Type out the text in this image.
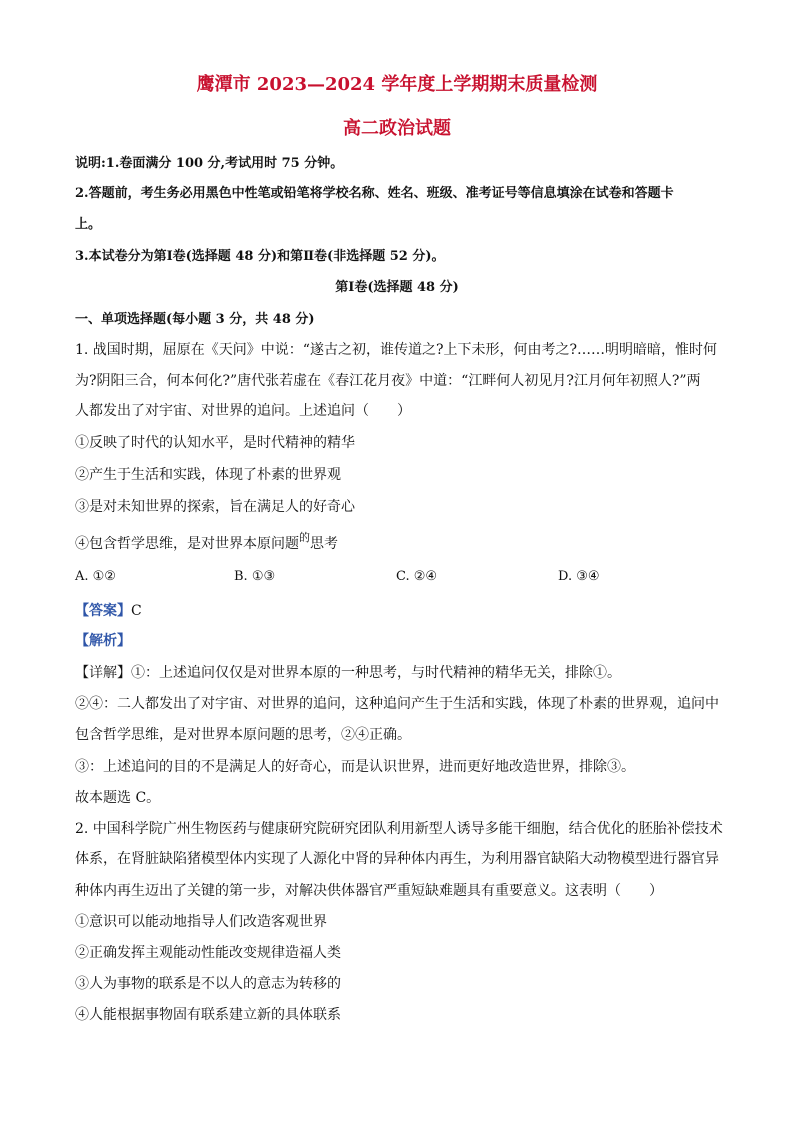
鹰潭市 2023—2024 学年度上学期期末质量检测
高二政治试题
说明:1.卷面满分 100 分,考试用时 75 分钟。
2.答题前，考生务必用黑色中性笔或铅笔将学校名称、姓名、班级、准考证号等信息填涂在试卷和答题卡
上。
3.本试卷分为第Ⅰ卷(选择题 48 分)和第Ⅱ卷(非选择题 52 分)。
第Ⅰ卷(选择题 48 分)
一、单项选择题(每小题 3 分，共 48 分)
1. 战国时期，屈原在《天问》中说：“遂古之初，谁传道之?上下未形，何由考之?……明明暗暗，惟时何
为?阴阳三合，何本何化?”唐代张若虚在《春江花月夜》中道：“江畔何人初见月?江月何年初照人?”两
人都发出了对宇宙、对世界的追问。上述追问（　　）
①反映了时代的认知水平，是时代精神的精华
②产生于生活和实践，体现了朴素的世界观
③是对未知世界的探索，旨在满足人的好奇心
④包含哲学思维，是对世界本原问题$^的$思考
A. ①②	B. ①③	C. ②④	D. ③④
【答案】C
【解析】
【详解】①：上述追问仅仅是对世界本原的一种思考，与时代精神的精华无关，排除①。
②④：二人都发出了对宇宙、对世界的追问，这种追问产生于生活和实践，体现了朴素的世界观，追问中
包含哲学思维，是对世界本原问题的思考，②④正确。
③：上述追问的目的不是满足人的好奇心，而是认识世界，进而更好地改造世界，排除③。
故本题选 C。
2. 中国科学院广州生物医药与健康研究院研究团队利用新型人诱导多能干细胞，结合优化的胚胎补偿技术
体系，在肾脏缺陷猪模型体内实现了人源化中肾的异种体内再生，为利用器官缺陷大动物模型进行器官异
种体内再生迈出了关键的第一步，对解决供体器官严重短缺难题具有重要意义。这表明（　　）
①意识可以能动地指导人们改造客观世界
②正确发挥主观能动性能改变规律造福人类
③人为事物的联系是不以人的意志为转移的
④人能根据事物固有联系建立新的具体联系
